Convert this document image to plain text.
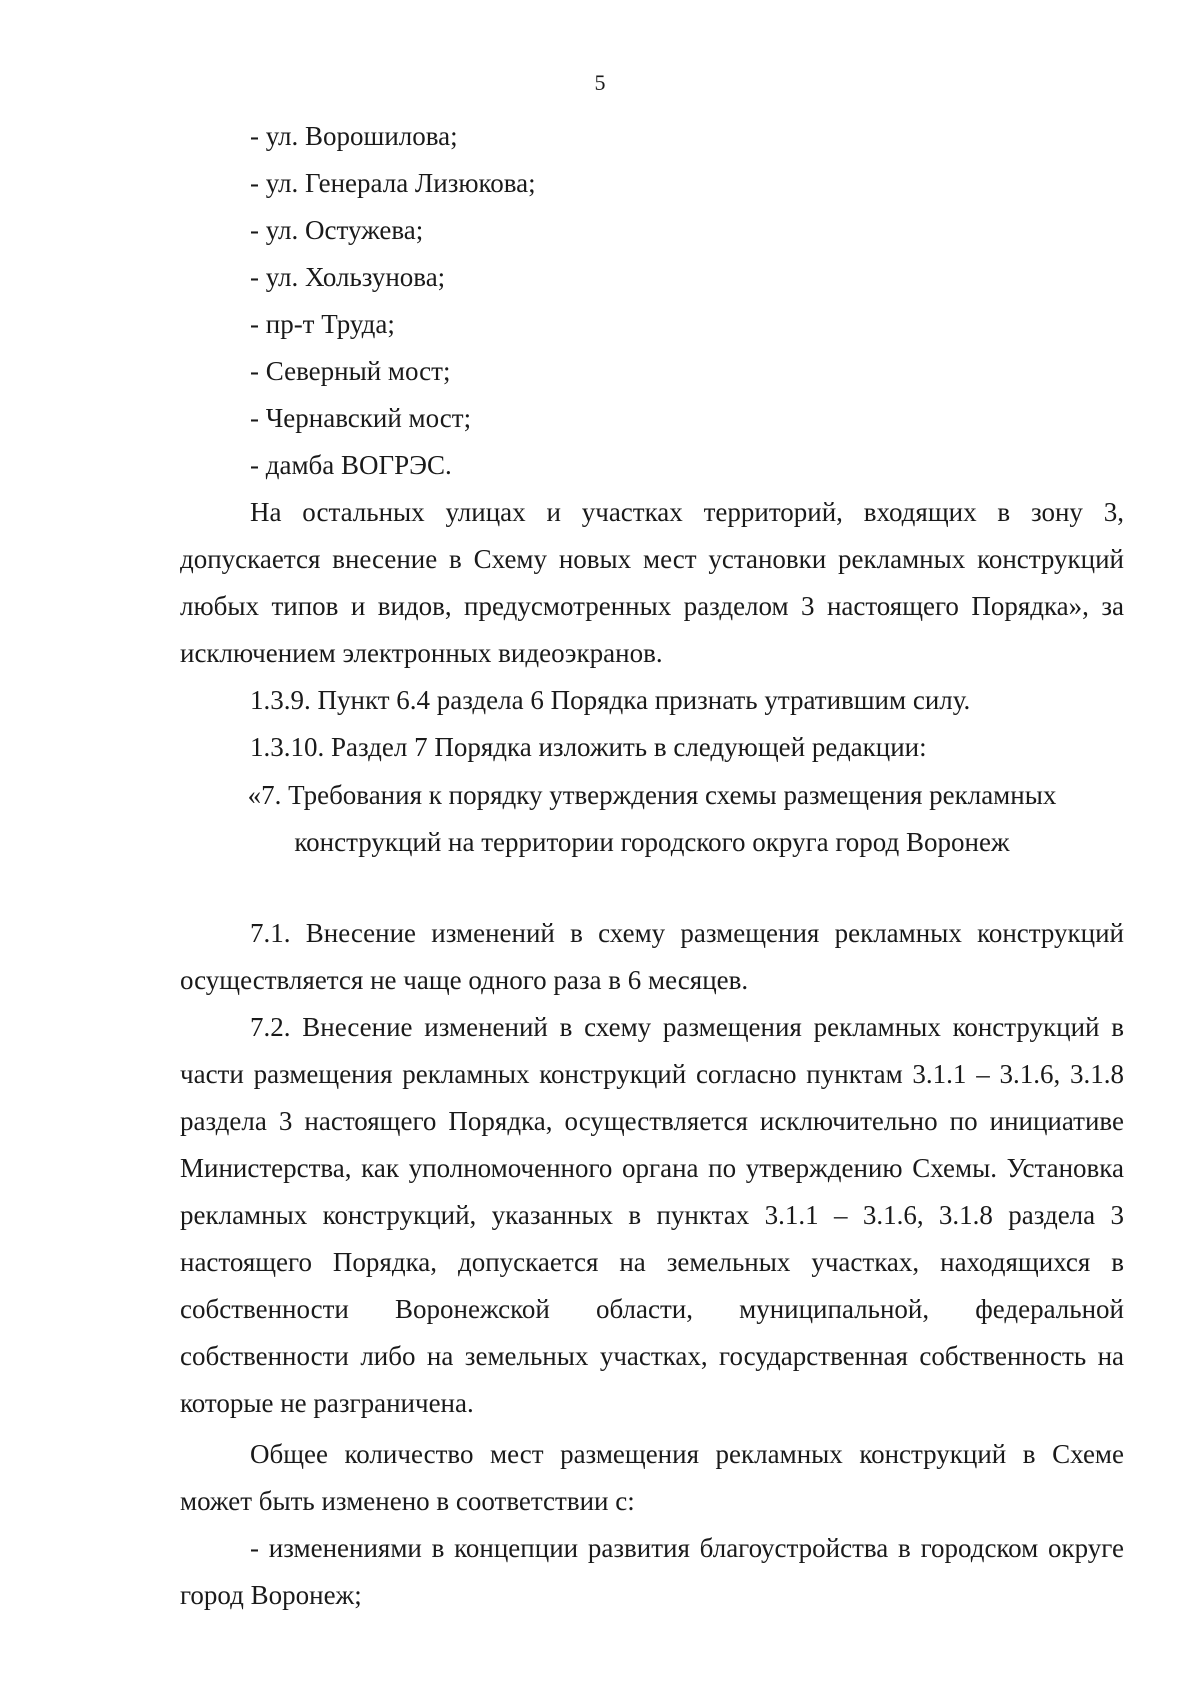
5
- ул. Ворошилова;
- ул. Генерала Лизюкова;
- ул. Остужева;
- ул. Хользунова;
- пр-т Труда;
- Северный мост;
- Чернавский мост;
- дамба ВОГРЭС.

На остальных улицах и участках территорий, входящих в зону 3, допускается внесение в Схему новых мест установки рекламных конструкций любых типов и видов, предусмотренных разделом 3 настоящего Порядка», за исключением электронных видеоэкранов.

1.3.9. Пункт 6.4 раздела 6 Порядка признать утратившим силу.

1.3.10. Раздел 7 Порядка изложить в следующей редакции:

«7. Требования к порядку утверждения схемы размещения рекламных

конструкций на территории городского округа город Воронеж

7.1. Внесение изменений в схему размещения рекламных конструкций осуществляется не чаще одного раза в 6 месяцев.

7.2. Внесение изменений в схему размещения рекламных конструкций в части размещения рекламных конструкций согласно пунктам 3.1.1 – 3.1.6, 3.1.8 раздела 3 настоящего Порядка, осуществляется исключительно по инициативе Министерства, как уполномоченного органа по утверждению Схемы. Установка рекламных конструкций, указанных в пунктах 3.1.1 – 3.1.6, 3.1.8 раздела 3 настоящего Порядка, допускается на земельных участках, находящихся в собственности Воронежской области, муниципальной, федеральной собственности либо на земельных участках, государственная собственность на которые не разграничена.

Общее количество мест размещения рекламных конструкций в Схеме может быть изменено в соответствии с:

- изменениями в концепции развития благоустройства в городском округе город Воронеж;
